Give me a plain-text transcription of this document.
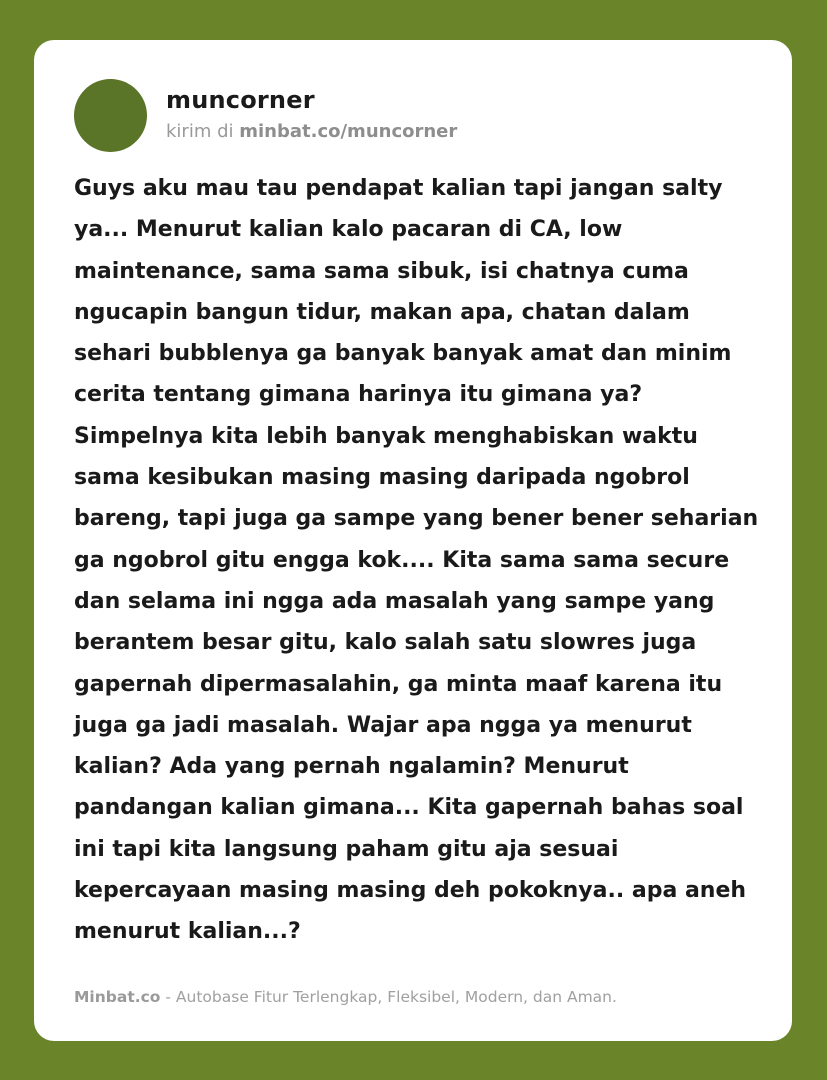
muncorner
kirim di minbat.co/muncorner

Guys aku mau tau pendapat kalian tapi jangan salty
ya... Menurut kalian kalo pacaran di CA, low
maintenance, sama sama sibuk, isi chatnya cuma
ngucapin bangun tidur, makan apa, chatan dalam
sehari bubblenya ga banyak banyak amat dan minim
cerita tentang gimana harinya itu gimana ya?
Simpelnya kita lebih banyak menghabiskan waktu
sama kesibukan masing masing daripada ngobrol
bareng, tapi juga ga sampe yang bener bener seharian
ga ngobrol gitu engga kok.... Kita sama sama secure
dan selama ini ngga ada masalah yang sampe yang
berantem besar gitu, kalo salah satu slowres juga
gapernah dipermasalahin, ga minta maaf karena itu
juga ga jadi masalah. Wajar apa ngga ya menurut
kalian? Ada yang pernah ngalamin? Menurut
pandangan kalian gimana... Kita gapernah bahas soal
ini tapi kita langsung paham gitu aja sesuai
kepercayaan masing masing deh pokoknya.. apa aneh
menurut kalian...?

Minbat.co - Autobase Fitur Terlengkap, Fleksibel, Modern, dan Aman.
